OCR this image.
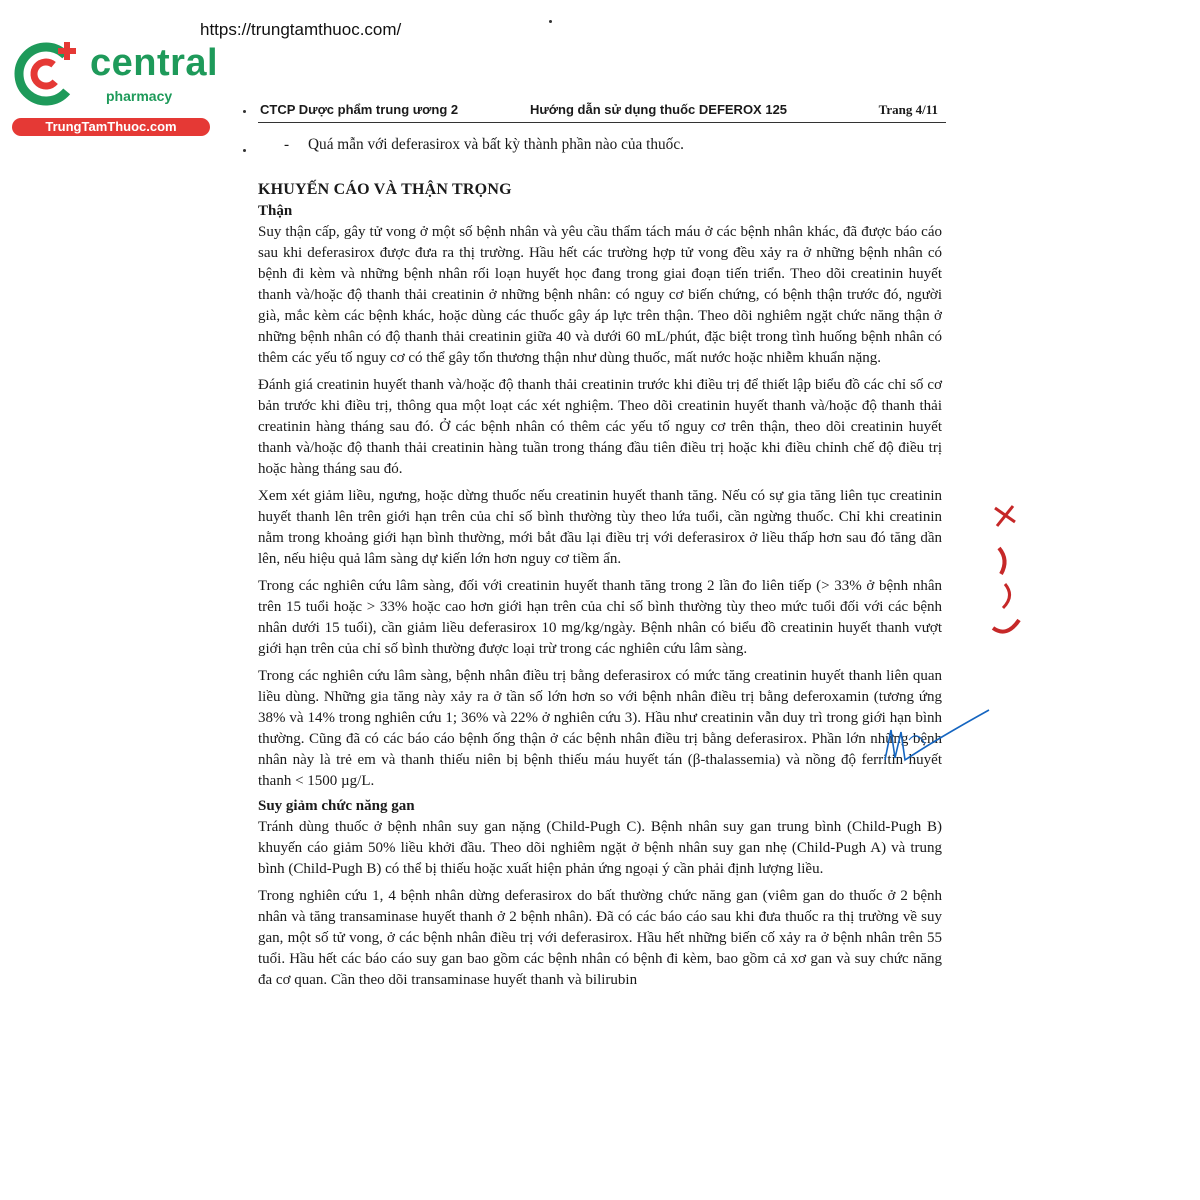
https://trungtamthuoc.com/
central
pharmacy
TrungTamThuoc.com
CTCP Dược phẩm trung ương 2	Hướng dẫn sử dụng thuốc DEFEROX 125	Trang 4/11
- Quá mẫn với deferasirox và bất kỳ thành phần nào của thuốc.
KHUYẾN CÁO VÀ THẬN TRỌNG
Thận

Suy thận cấp, gây tử vong ở một số bệnh nhân và yêu cầu thẩm tách máu ở các bệnh nhân khác, đã được báo cáo sau khi deferasirox được đưa ra thị trường. Hầu hết các trường hợp tử vong đều xảy ra ở những bệnh nhân có bệnh đi kèm và những bệnh nhân rối loạn huyết học đang trong giai đoạn tiến triển. Theo dõi creatinin huyết thanh và/hoặc độ thanh thải creatinin ở những bệnh nhân: có nguy cơ biến chứng, có bệnh thận trước đó, người già, mắc kèm các bệnh khác, hoặc dùng các thuốc gây áp lực trên thận. Theo dõi nghiêm ngặt chức năng thận ở những bệnh nhân có độ thanh thải creatinin giữa 40 và dưới 60 mL/phút, đặc biệt trong tình huống bệnh nhân có thêm các yếu tố nguy cơ có thể gây tổn thương thận như dùng thuốc, mất nước hoặc nhiễm khuẩn nặng.

Đánh giá creatinin huyết thanh và/hoặc độ thanh thải creatinin trước khi điều trị để thiết lập biểu đồ các chỉ số cơ bản trước khi điều trị, thông qua một loạt các xét nghiệm. Theo dõi creatinin huyết thanh và/hoặc độ thanh thải creatinin hàng tháng sau đó. Ở các bệnh nhân có thêm các yếu tố nguy cơ trên thận, theo dõi creatinin huyết thanh và/hoặc độ thanh thải creatinin hàng tuần trong tháng đầu tiên điều trị hoặc khi điều chỉnh chế độ điều trị hoặc hàng tháng sau đó.

Xem xét giảm liều, ngưng, hoặc dừng thuốc nếu creatinin huyết thanh tăng. Nếu có sự gia tăng liên tục creatinin huyết thanh lên trên giới hạn trên của chỉ số bình thường tùy theo lứa tuổi, cần ngừng thuốc. Chỉ khi creatinin nằm trong khoảng giới hạn bình thường, mới bắt đầu lại điều trị với deferasirox ở liều thấp hơn sau đó tăng dần lên, nếu hiệu quả lâm sàng dự kiến lớn hơn nguy cơ tiềm ẩn.

Trong các nghiên cứu lâm sàng, đối với creatinin huyết thanh tăng trong 2 lần đo liên tiếp (> 33% ở bệnh nhân trên 15 tuổi hoặc > 33% hoặc cao hơn giới hạn trên của chỉ số bình thường tùy theo mức tuổi đối với các bệnh nhân dưới 15 tuổi), cần giảm liều deferasirox 10 mg/kg/ngày. Bệnh nhân có biểu đồ creatinin huyết thanh vượt giới hạn trên của chỉ số bình thường được loại trừ trong các nghiên cứu lâm sàng.

Trong các nghiên cứu lâm sàng, bệnh nhân điều trị bằng deferasirox có mức tăng creatinin huyết thanh liên quan liều dùng. Những gia tăng này xảy ra ở tần số lớn hơn so với bệnh nhân điều trị bằng deferoxamin (tương ứng 38% và 14% trong nghiên cứu 1; 36% và 22% ở nghiên cứu 3). Hầu như creatinin vẫn duy trì trong giới hạn bình thường. Cũng đã có các báo cáo bệnh ống thận ở các bệnh nhân điều trị bằng deferasirox. Phần lớn những bệnh nhân này là trẻ em và thanh thiếu niên bị bệnh thiếu máu huyết tán (β-thalassemia) và nồng độ ferritin huyết thanh < 1500 µg/L.

Suy giảm chức năng gan

Tránh dùng thuốc ở bệnh nhân suy gan nặng (Child-Pugh C). Bệnh nhân suy gan trung bình (Child-Pugh B) khuyến cáo giảm 50% liều khởi đầu. Theo dõi nghiêm ngặt ở bệnh nhân suy gan nhẹ (Child-Pugh A) và trung bình (Child-Pugh B) có thể bị thiếu hoặc xuất hiện phản ứng ngoại ý cần phải định lượng liều.

Trong nghiên cứu 1, 4 bệnh nhân dừng deferasirox do bất thường chức năng gan (viêm gan do thuốc ở 2 bệnh nhân và tăng transaminase huyết thanh ở 2 bệnh nhân). Đã có các báo cáo sau khi đưa thuốc ra thị trường về suy gan, một số tử vong, ở các bệnh nhân điều trị với deferasirox. Hầu hết những biến cố xảy ra ở bệnh nhân trên 55 tuổi. Hầu hết các báo cáo suy gan bao gồm các bệnh nhân có bệnh đi kèm, bao gồm cả xơ gan và suy chức năng đa cơ quan. Cần theo dõi transaminase huyết thanh và bilirubin
